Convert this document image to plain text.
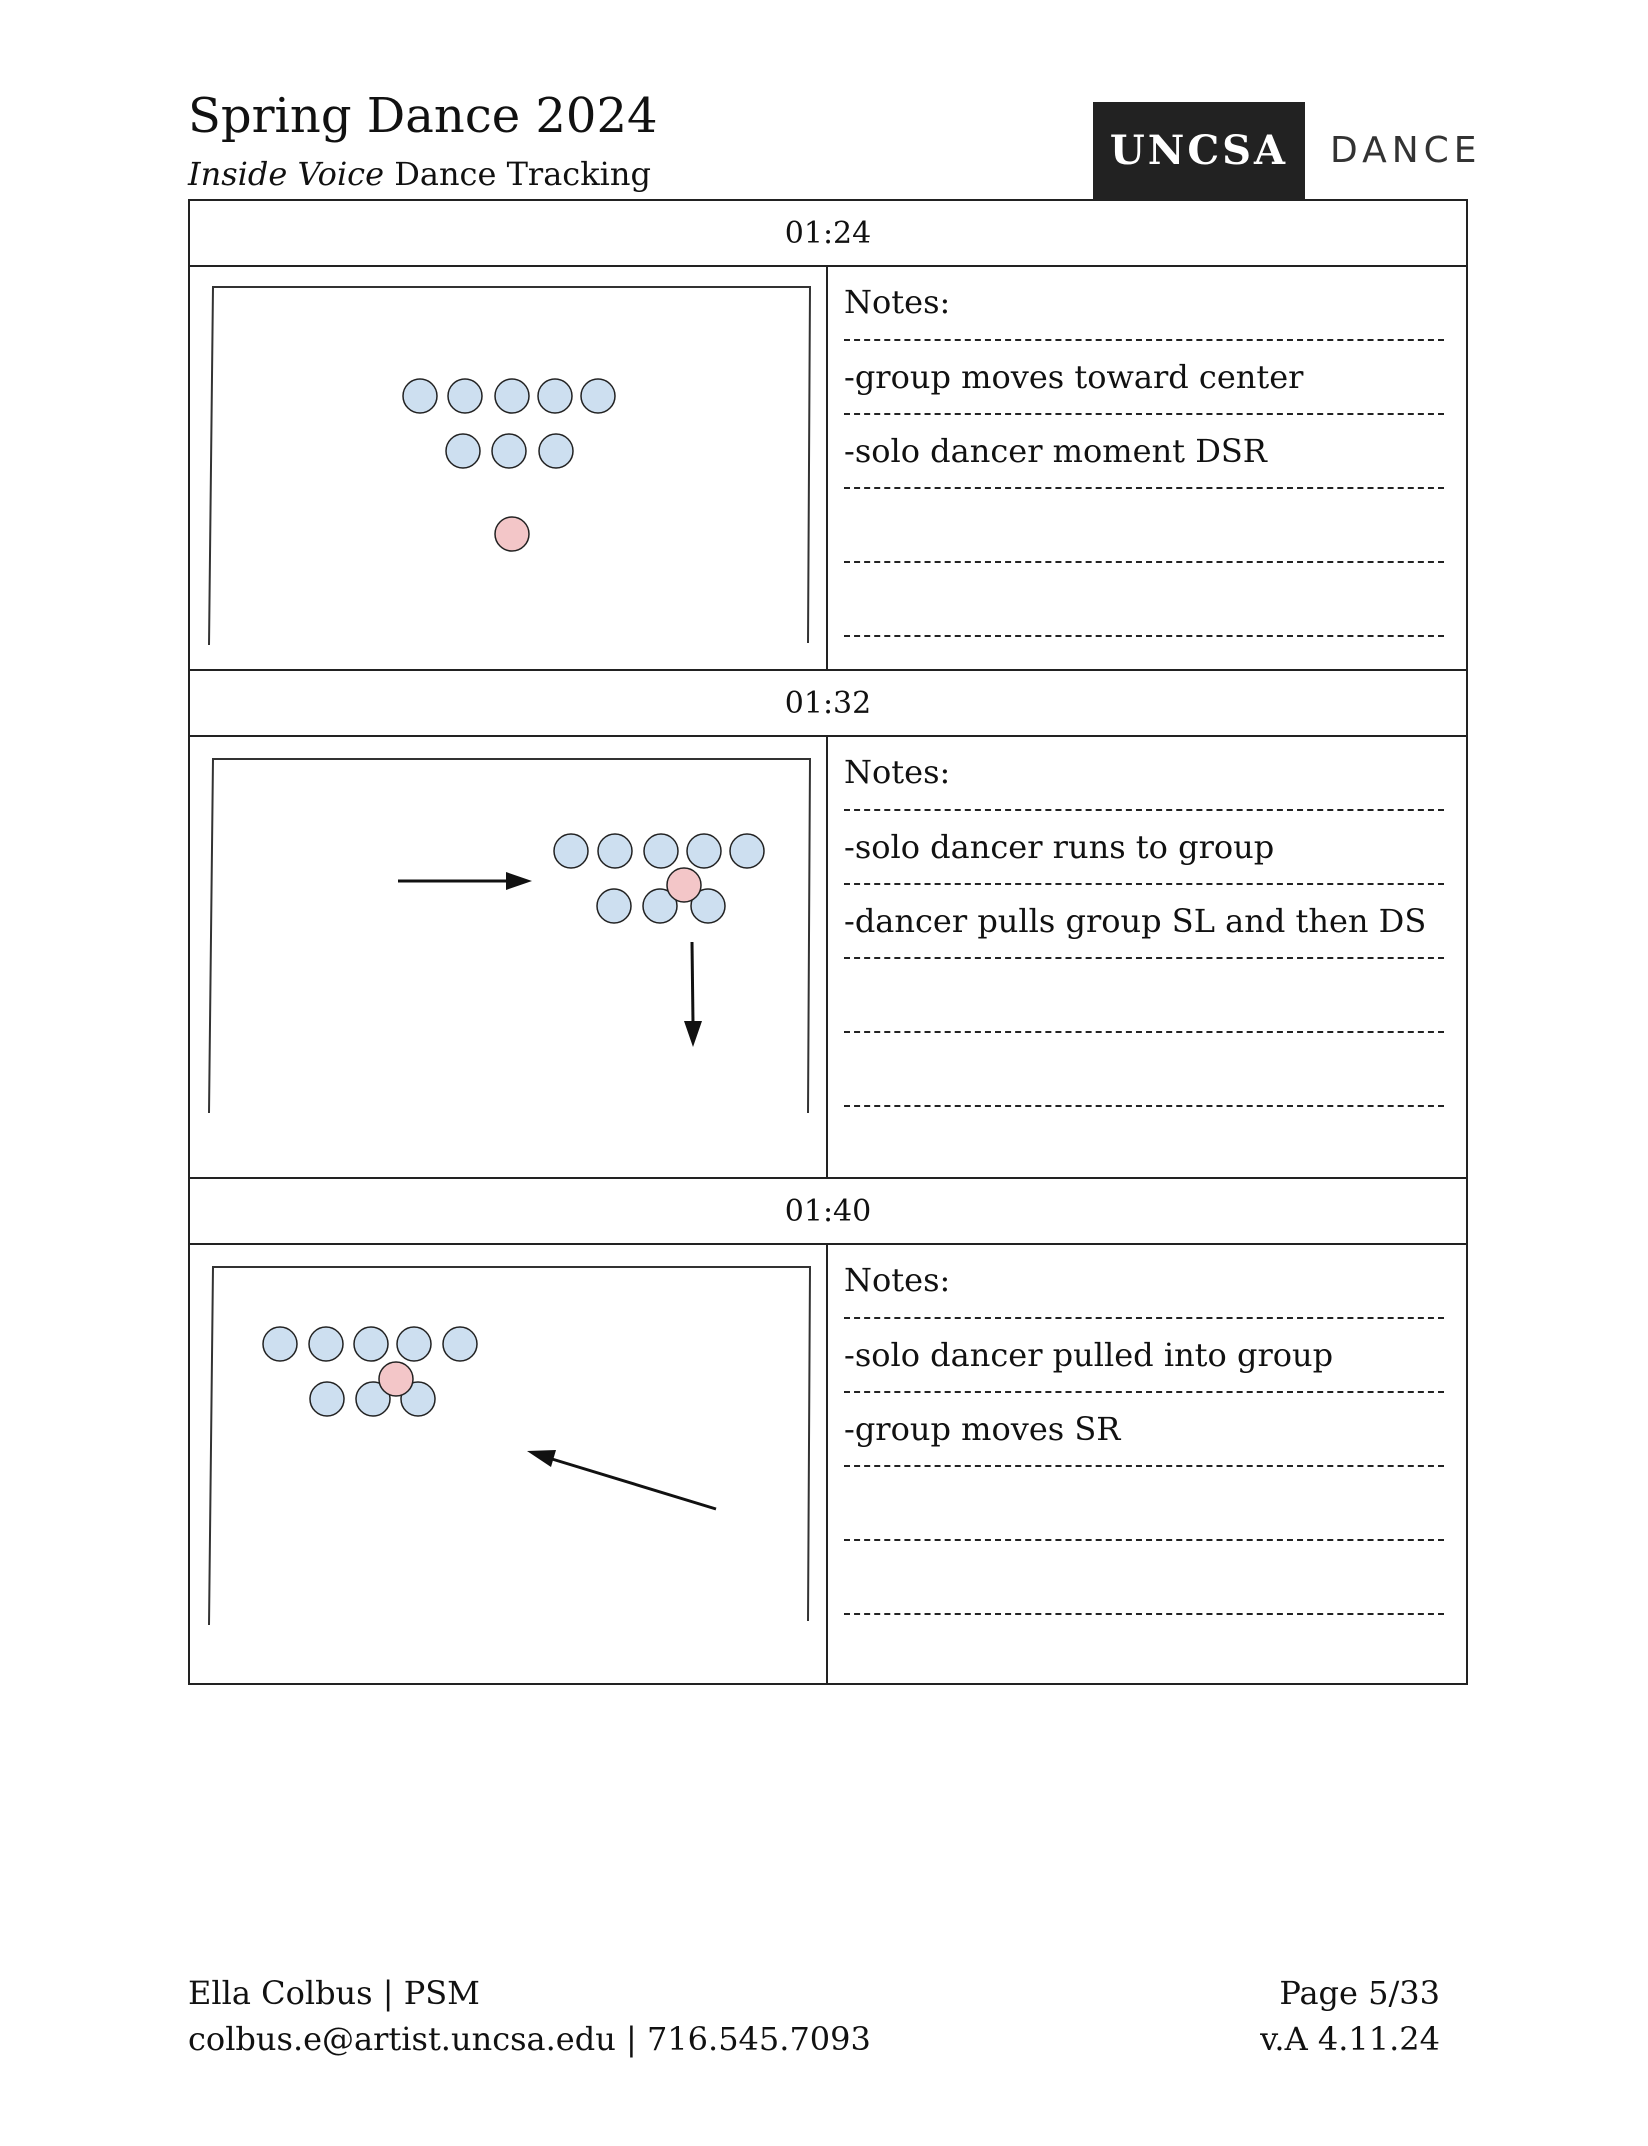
Spring Dance 2024
Inside Voice Dance Tracking	UNCSA	DANCE
01:24
Notes:
-group moves toward center
-solo dancer moment DSR
01:32
Notes:
-solo dancer runs to group
-dancer pulls group SL and then DS
01:40
Notes:
-solo dancer pulled into group
-group moves SR
Ella Colbus | PSM
colbus.e@artist.uncsa.edu | 716.545.7093
Page 5/33
v.A 4.11.24
